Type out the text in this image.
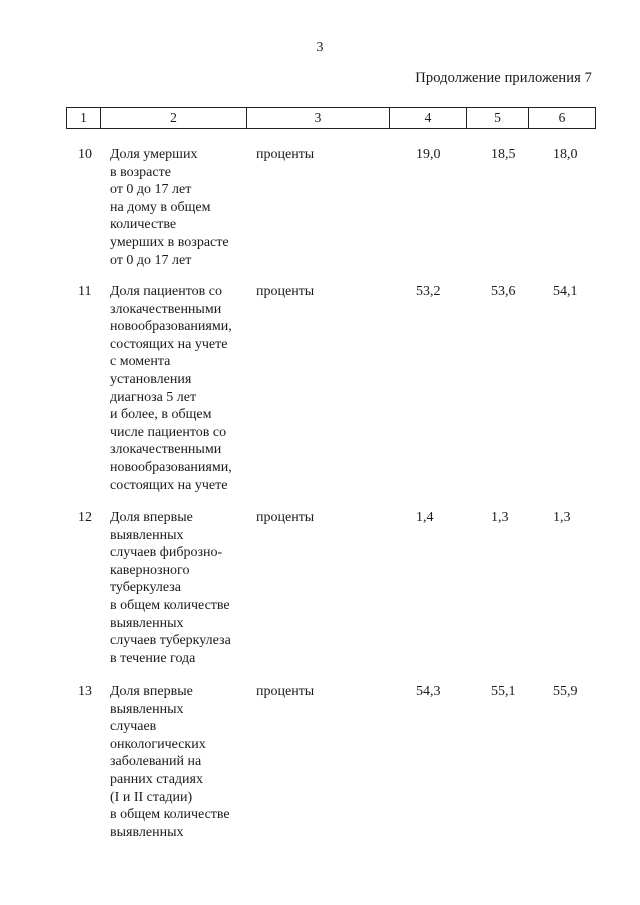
3
Продолжение приложения 7
1	2	3	4	5	6
10 Доля умерших
в возрасте
от 0 до 17 лет
на дому в общем
количестве
умерших в возрасте
от 0 до 17 лет
проценты	19,0	18,5	18,0
11 Доля пациентов со
злокачественными
новообразованиями,
состоящих на учете
с момента
установления
диагноза 5 лет
и более, в общем
числе пациентов со
злокачественными
новообразованиями,
состоящих на учете
проценты	53,2	53,6	54,1
12 Доля впервые
выявленных
случаев фиброзно-
кавернозного
туберкулеза
в общем количестве
выявленных
случаев туберкулеза
в течение года
проценты	1,4	1,3	1,3
13 Доля впервые
выявленных
случаев
онкологических
заболеваний на
ранних стадиях
(I и II стадии)
в общем количестве
выявленных
проценты	54,3	55,1	55,9
